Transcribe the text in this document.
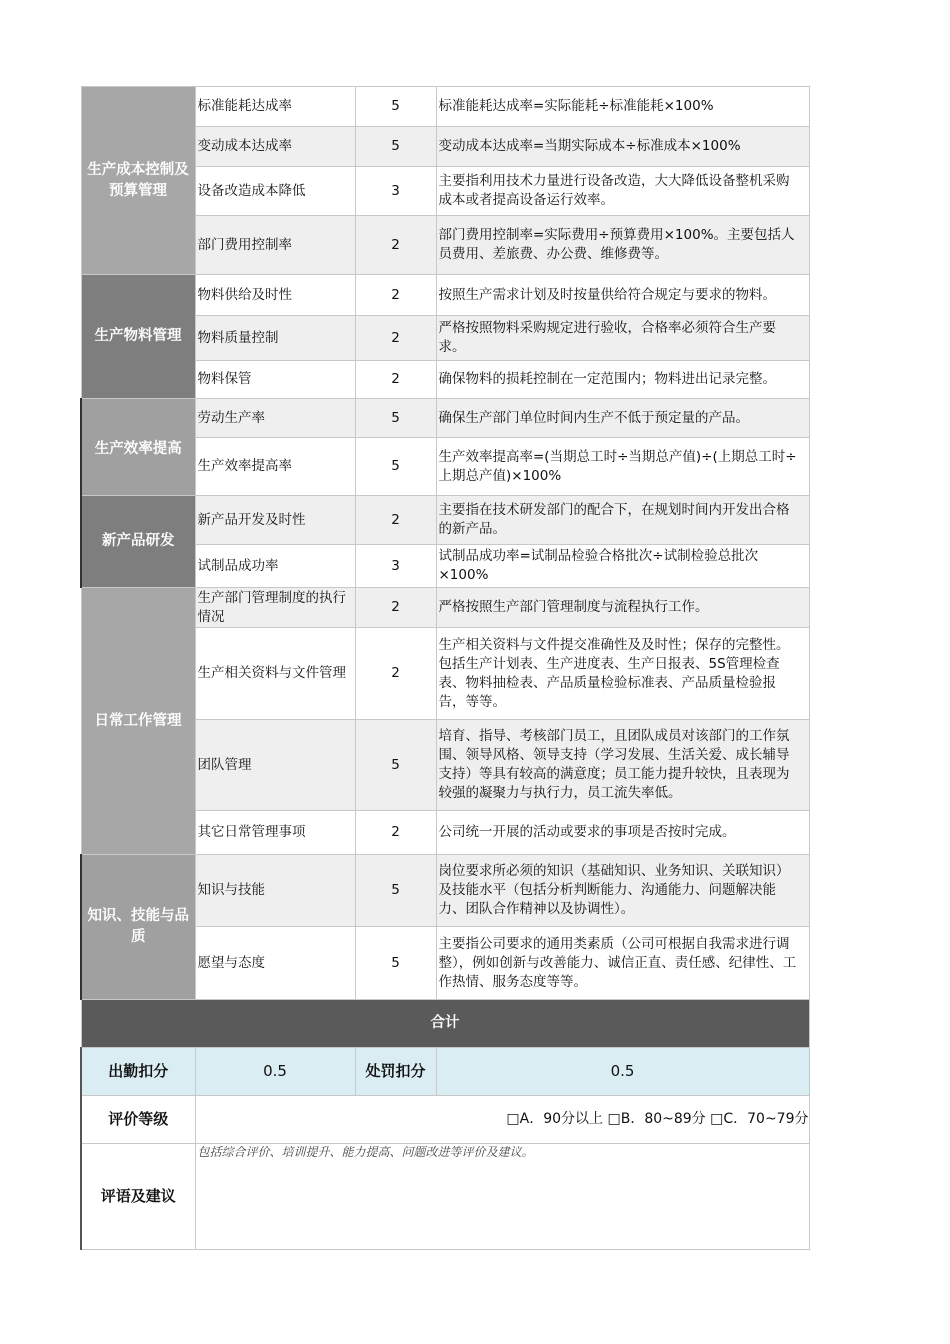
生产成本控制及预算管理	标准能耗达成率	5	标准能耗达成率=实际能耗÷标准能耗×100%
	变动成本达成率	5	变动成本达成率=当期实际成本÷标准成本×100%
	设备改造成本降低	3	主要指利用技术力量进行设备改造，大大降低设备整机采购成本或者提高设备运行效率。
	部门费用控制率	2	部门费用控制率=实际费用÷预算费用×100%。主要包括人员费用、差旅费、办公费、维修费等。
生产物料管理	物料供给及时性	2	按照生产需求计划及时按量供给符合规定与要求的物料。
	物料质量控制	2	严格按照物料采购规定进行验收，合格率必须符合生产要求。
	物料保管	2	确保物料的损耗控制在一定范围内；物料进出记录完整。
生产效率提高	劳动生产率	5	确保生产部门单位时间内生产不低于预定量的产品。
	生产效率提高率	5	生产效率提高率=(当期总工时÷当期总产值)÷(上期总工时÷上期总产值)×100%
新产品研发	新产品开发及时性	2	主要指在技术研发部门的配合下，在规划时间内开发出合格的新产品。
	试制品成功率	3	试制品成功率=试制品检验合格批次÷试制检验总批次×100%
日常工作管理	生产部门管理制度的执行情况	2	严格按照生产部门管理制度与流程执行工作。
	生产相关资料与文件管理	2	生产相关资料与文件提交准确性及及时性；保存的完整性。包括生产计划表、生产进度表、生产日报表、5S管理检查表、物料抽检表、产品质量检验标准表、产品质量检验报告，等等。
	团队管理	5	培育、指导、考核部门员工，且团队成员对该部门的工作氛围、领导风格、领导支持（学习发展、生活关爱、成长辅导支持）等具有较高的满意度；员工能力提升较快，且表现为较强的凝聚力与执行力，员工流失率低。
	其它日常管理事项	2	公司统一开展的活动或要求的事项是否按时完成。
知识、技能与品质	知识与技能	5	岗位要求所必须的知识（基础知识、业务知识、关联知识）及技能水平（包括分析判断能力、沟通能力、问题解决能力、团队合作精神以及协调性）。
	愿望与态度	5	主要指公司要求的通用类素质（公司可根据自我需求进行调整），例如创新与改善能力、诚信正直、责任感、纪律性、工作热情、服务态度等等。
合计			
出勤扣分	0.5	处罚扣分	0.5
评价等级	□A．90分以上 □B．80~89分 □C．70~79分		
评语及建议	包括综合评价、培训提升、能力提高、问题改进等评价及建议。		
